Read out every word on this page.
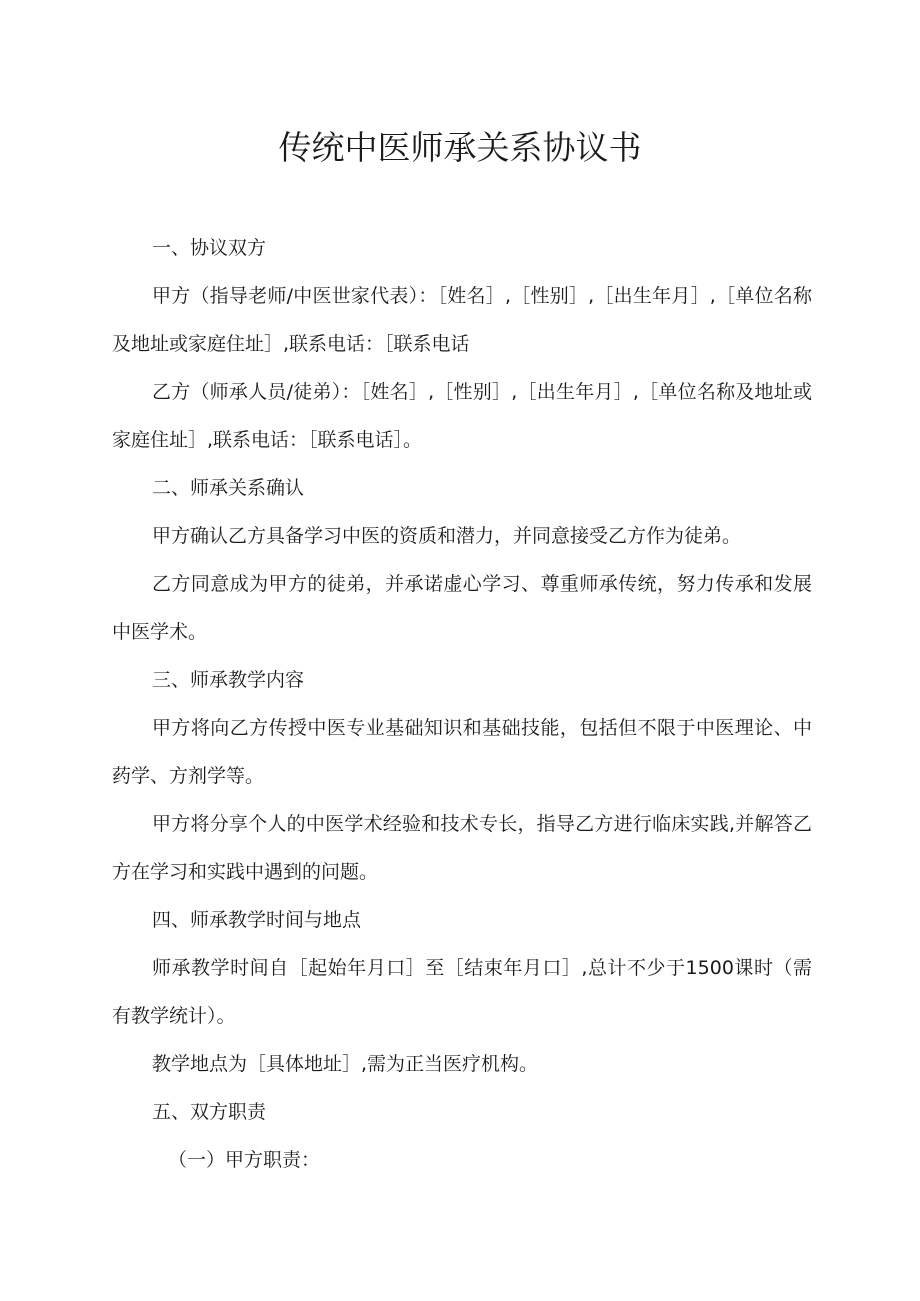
传统中医师承关系协议书

一、协议双方

甲方（指导老师/中医世家代表）：［姓名］,［性别］,［出生年月］,［单位名称及地址或家庭住址］,联系电话：［联系电话

乙方（师承人员/徒弟）：［姓名］,［性别］,［出生年月］,［单位名称及地址或家庭住址］,联系电话：［联系电话］。

二、师承关系确认

甲方确认乙方具备学习中医的资质和潜力，并同意接受乙方作为徒弟。

乙方同意成为甲方的徒弟，并承诺虚心学习、尊重师承传统，努力传承和发展中医学术。

三、师承教学内容

甲方将向乙方传授中医专业基础知识和基础技能，包括但不限于中医理论、中药学、方剂学等。

甲方将分享个人的中医学术经验和技术专长，指导乙方进行临床实践,并解答乙方在学习和实践中遇到的问题。

四、师承教学时间与地点

师承教学时间自［起始年月口］至［结束年月口］,总计不少于1500课时（需有教学统计）。

教学地点为［具体地址］,需为正当医疗机构。

五、双方职责

（一）甲方职责：
